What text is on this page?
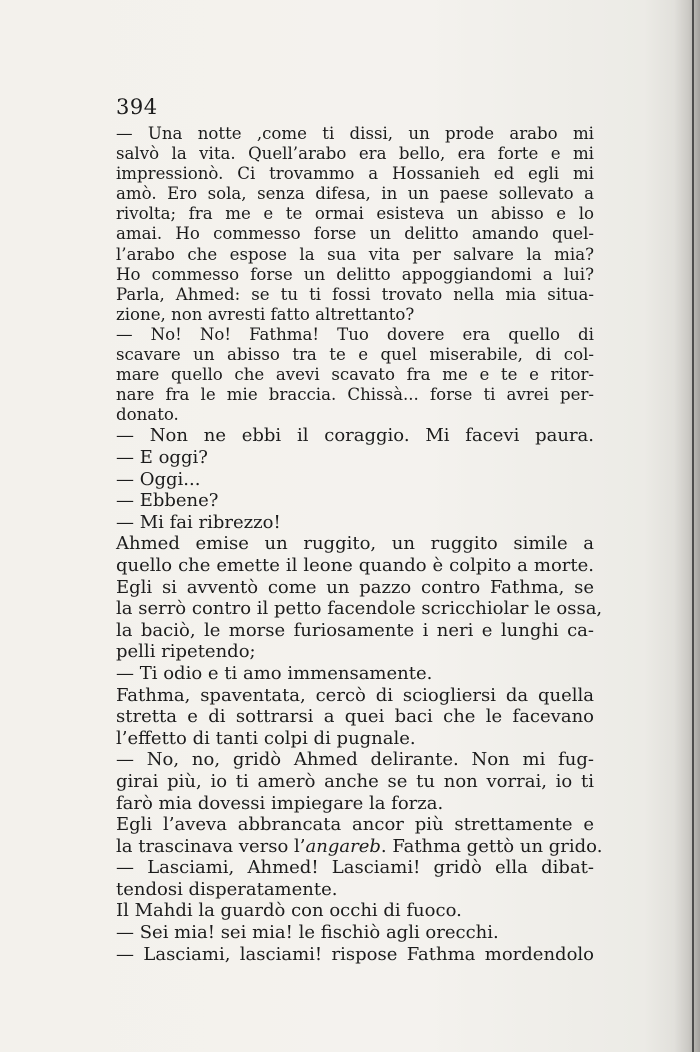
394
— Una notte ,come ti dissi, un prode arabo mi
salvò la vita. Quell’arabo era bello, era forte e mi
impressionò. Ci trovammo a Hossanieh ed egli mi
amò. Ero sola, senza difesa, in un paese sollevato a
rivolta; fra me e te ormai esisteva un abisso e lo
amai. Ho commesso forse un delitto amando quel-
l’arabo che espose la sua vita per salvare la mia?
Ho commesso forse un delitto appoggiandomi a lui?
Parla, Ahmed: se tu ti fossi trovato nella mia situa-
zione, non avresti fatto altrettanto?
— No! No! Fathma! Tuo dovere era quello di
scavare un abisso tra te e quel miserabile, di col-
mare quello che avevi scavato fra me e te e ritor-
nare fra le mie braccia. Chissà... forse ti avrei per-
donato.
— Non ne ebbi il coraggio. Mi facevi paura.
— E oggi?
— Oggi...
— Ebbene?
— Mi fai ribrezzo!
Ahmed emise un ruggito, un ruggito simile a
quello che emette il leone quando è colpito a morte.
Egli si avventò come un pazzo contro Fathma, se
la serrò contro il petto facendole scricchiolar le ossa,
la baciò, le morse furiosamente i neri e lunghi ca-
pelli ripetendo;
— Ti odio e ti amo immensamente.
Fathma, spaventata, cercò di sciogliersi da quella
stretta e di sottrarsi a quei baci che le facevano
l’effetto di tanti colpi di pugnale.
— No, no, gridò Ahmed delirante. Non mi fug-
girai più, io ti amerò anche se tu non vorrai, io ti
farò mia dovessi impiegare la forza.
Egli l’aveva abbrancata ancor più strettamente e
la trascinava verso l’angareb. Fathma gettò un grido.
— Lasciami, Ahmed! Lasciami! gridò ella dibat-
tendosi disperatamente.
Il Mahdi la guardò con occhi di fuoco.
— Sei mia! sei mia! le fischiò agli orecchi.
— Lasciami, lasciami! rispose Fathma mordendolo
